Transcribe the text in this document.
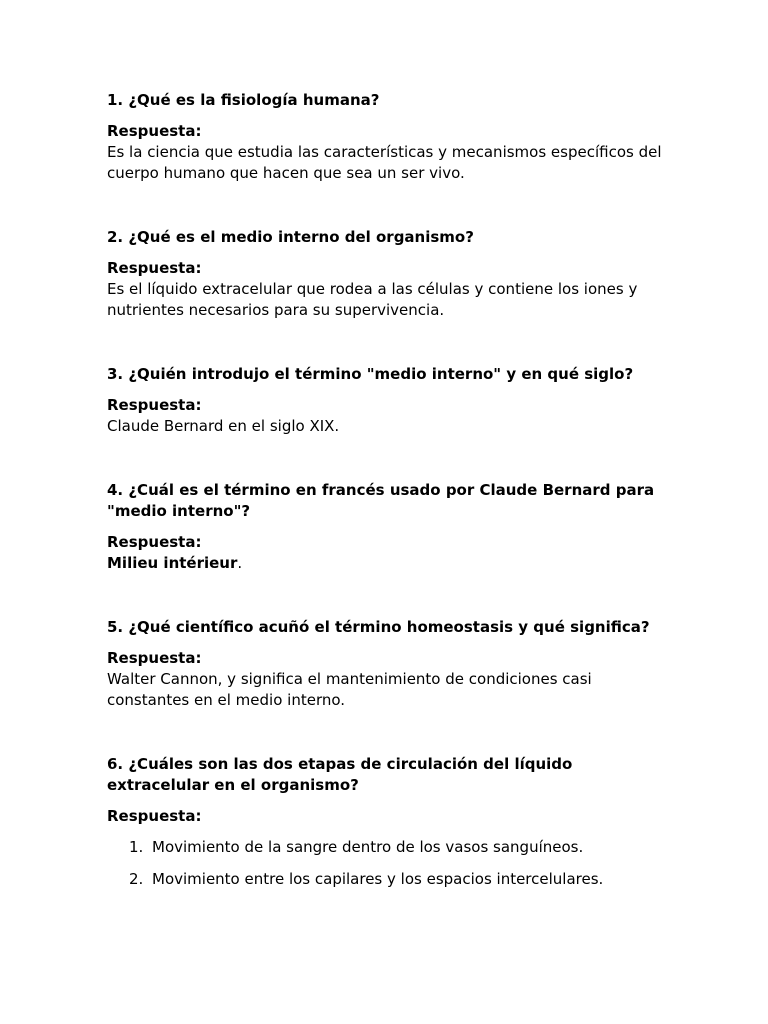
1. ¿Qué es la fisiología humana?

Respuesta:

Es la ciencia que estudia las características y mecanismos específicos del cuerpo humano que hacen que sea un ser vivo.

2. ¿Qué es el medio interno del organismo?

Respuesta:

Es el líquido extracelular que rodea a las células y contiene los iones y nutrientes necesarios para su supervivencia.

3. ¿Quién introdujo el término "medio interno" y en qué siglo?

Respuesta:

Claude Bernard en el siglo XIX.

4. ¿Cuál es el término en francés usado por Claude Bernard para "medio interno"?

Respuesta:

Milieu intérieur.

5. ¿Qué científico acuñó el término homeostasis y qué significa?

Respuesta:

Walter Cannon, y significa el mantenimiento de condiciones casi constantes en el medio interno.

6. ¿Cuáles son las dos etapas de circulación del líquido extracelular en el organismo?

Respuesta:

1. Movimiento de la sangre dentro de los vasos sanguíneos.
2. Movimiento entre los capilares y los espacios intercelulares.
